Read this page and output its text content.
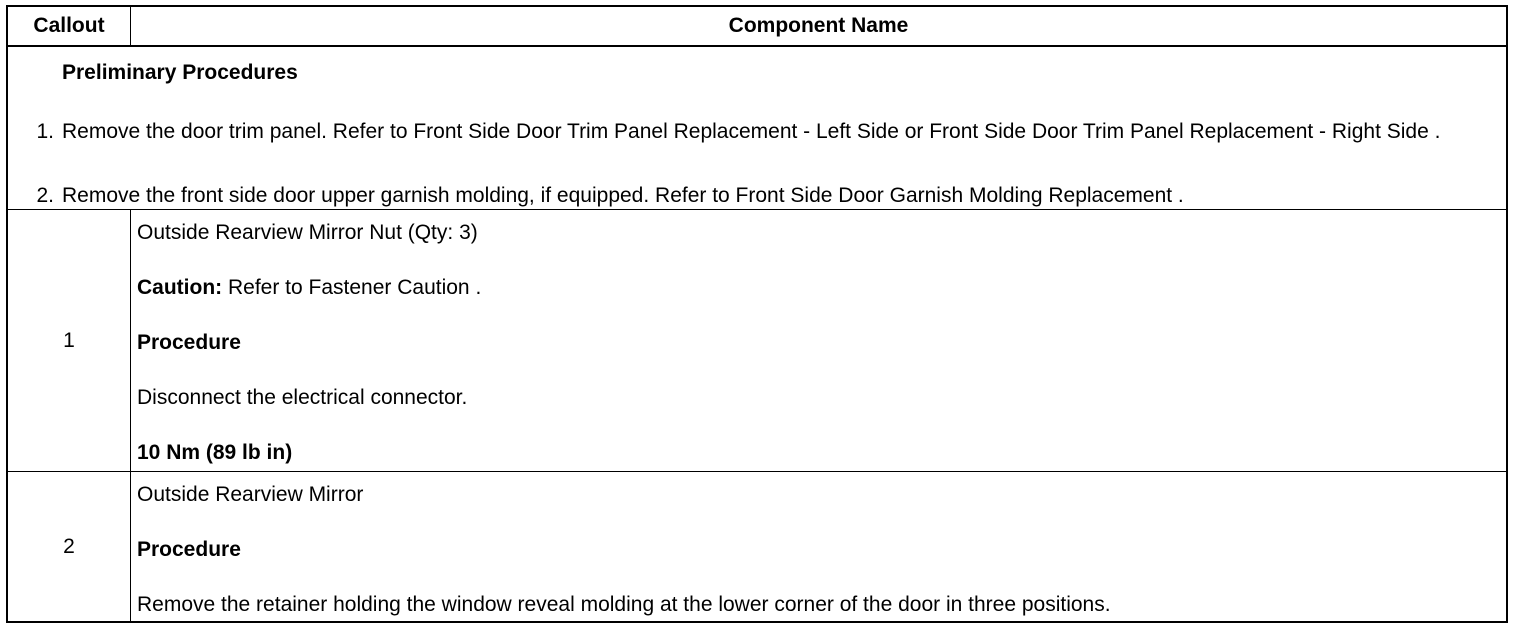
Callout	Component Name
Preliminary Procedures
1. Remove the door trim panel. Refer to Front Side Door Trim Panel Replacement - Left Side or Front Side Door Trim Panel Replacement - Right Side .
2. Remove the front side door upper garnish molding, if equipped. Refer to Front Side Door Garnish Molding Replacement .
1
Outside Rearview Mirror Nut (Qty: 3)
Caution: Refer to Fastener Caution .
Procedure
Disconnect the electrical connector.
10 Nm (89 lb in)
2
Outside Rearview Mirror
Procedure
Remove the retainer holding the window reveal molding at the lower corner of the door in three positions.
